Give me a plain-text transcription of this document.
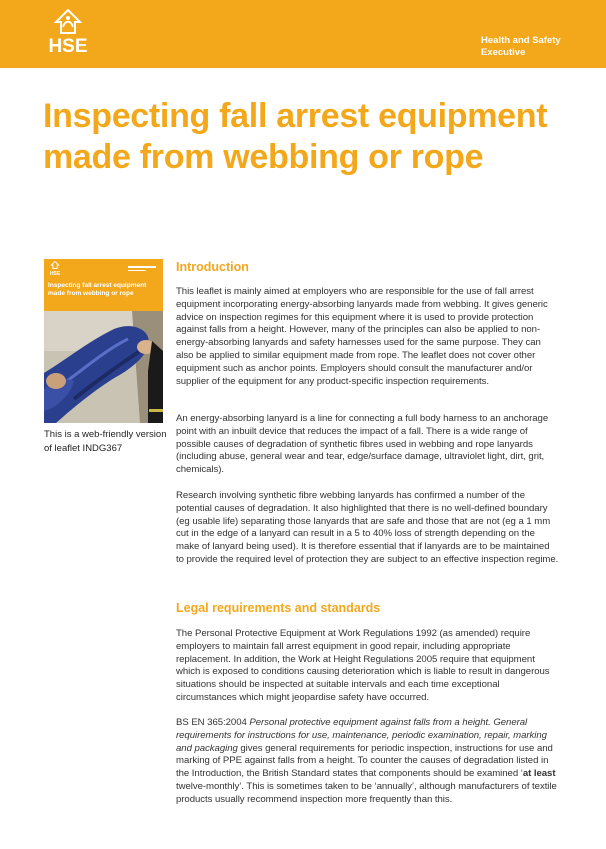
HSE	Health and Safety
Executive
Inspecting fall arrest equipment
made from webbing or rope
HSE
Inspecting fall arrest equipment made from webbing or rope
This is a web-friendly version
of leaflet INDG367
Introduction

This leaflet is mainly aimed at employers who are responsible for the use of fall arrest equipment incorporating energy-absorbing lanyards made from webbing. It gives generic advice on inspection regimes for this equipment where it is used to provide protection against falls from a height. However, many of the principles can also be applied to non-energy-absorbing lanyards and safety harnesses used for the same purpose. They can also be applied to similar equipment made from rope. The leaflet does not cover other equipment such as anchor points. Employers should consult the manufacturer and/or supplier of the equipment for any product-specific inspection requirements.

An energy-absorbing lanyard is a line for connecting a full body harness to an anchorage point with an inbuilt device that reduces the impact of a fall. There is a wide range of possible causes of degradation of synthetic fibres used in webbing and rope lanyards (including abuse, general wear and tear, edge/surface damage, ultraviolet light, dirt, grit, chemicals).

Research involving synthetic fibre webbing lanyards has confirmed a number of the potential causes of degradation. It also highlighted that there is no well-defined boundary (eg usable life) separating those lanyards that are safe and those that are not (eg a 1 mm cut in the edge of a lanyard can result in a 5 to 40% loss of strength depending on the make of lanyard being used). It is therefore essential that if lanyards are to be maintained to provide the required level of protection they are subject to an effective inspection regime.

Legal requirements and standards

The Personal Protective Equipment at Work Regulations 1992 (as amended) require employers to maintain fall arrest equipment in good repair, including appropriate replacement. In addition, the Work at Height Regulations 2005 require that equipment which is exposed to conditions causing deterioration which is liable to result in dangerous situations should be inspected at suitable intervals and each time exceptional circumstances which might jeopardise safety have occurred.

BS EN 365:2004 Personal protective equipment against falls from a height. General requirements for instructions for use, maintenance, periodic examination, repair, marking and packaging gives general requirements for periodic inspection, instructions for use and marking of PPE against falls from a height. To counter the causes of degradation listed in the Introduction, the British Standard states that components should be examined ‘at least twelve-monthly’. This is sometimes taken to be ‘annually’, although manufacturers of textile products usually recommend inspection more frequently than this.
